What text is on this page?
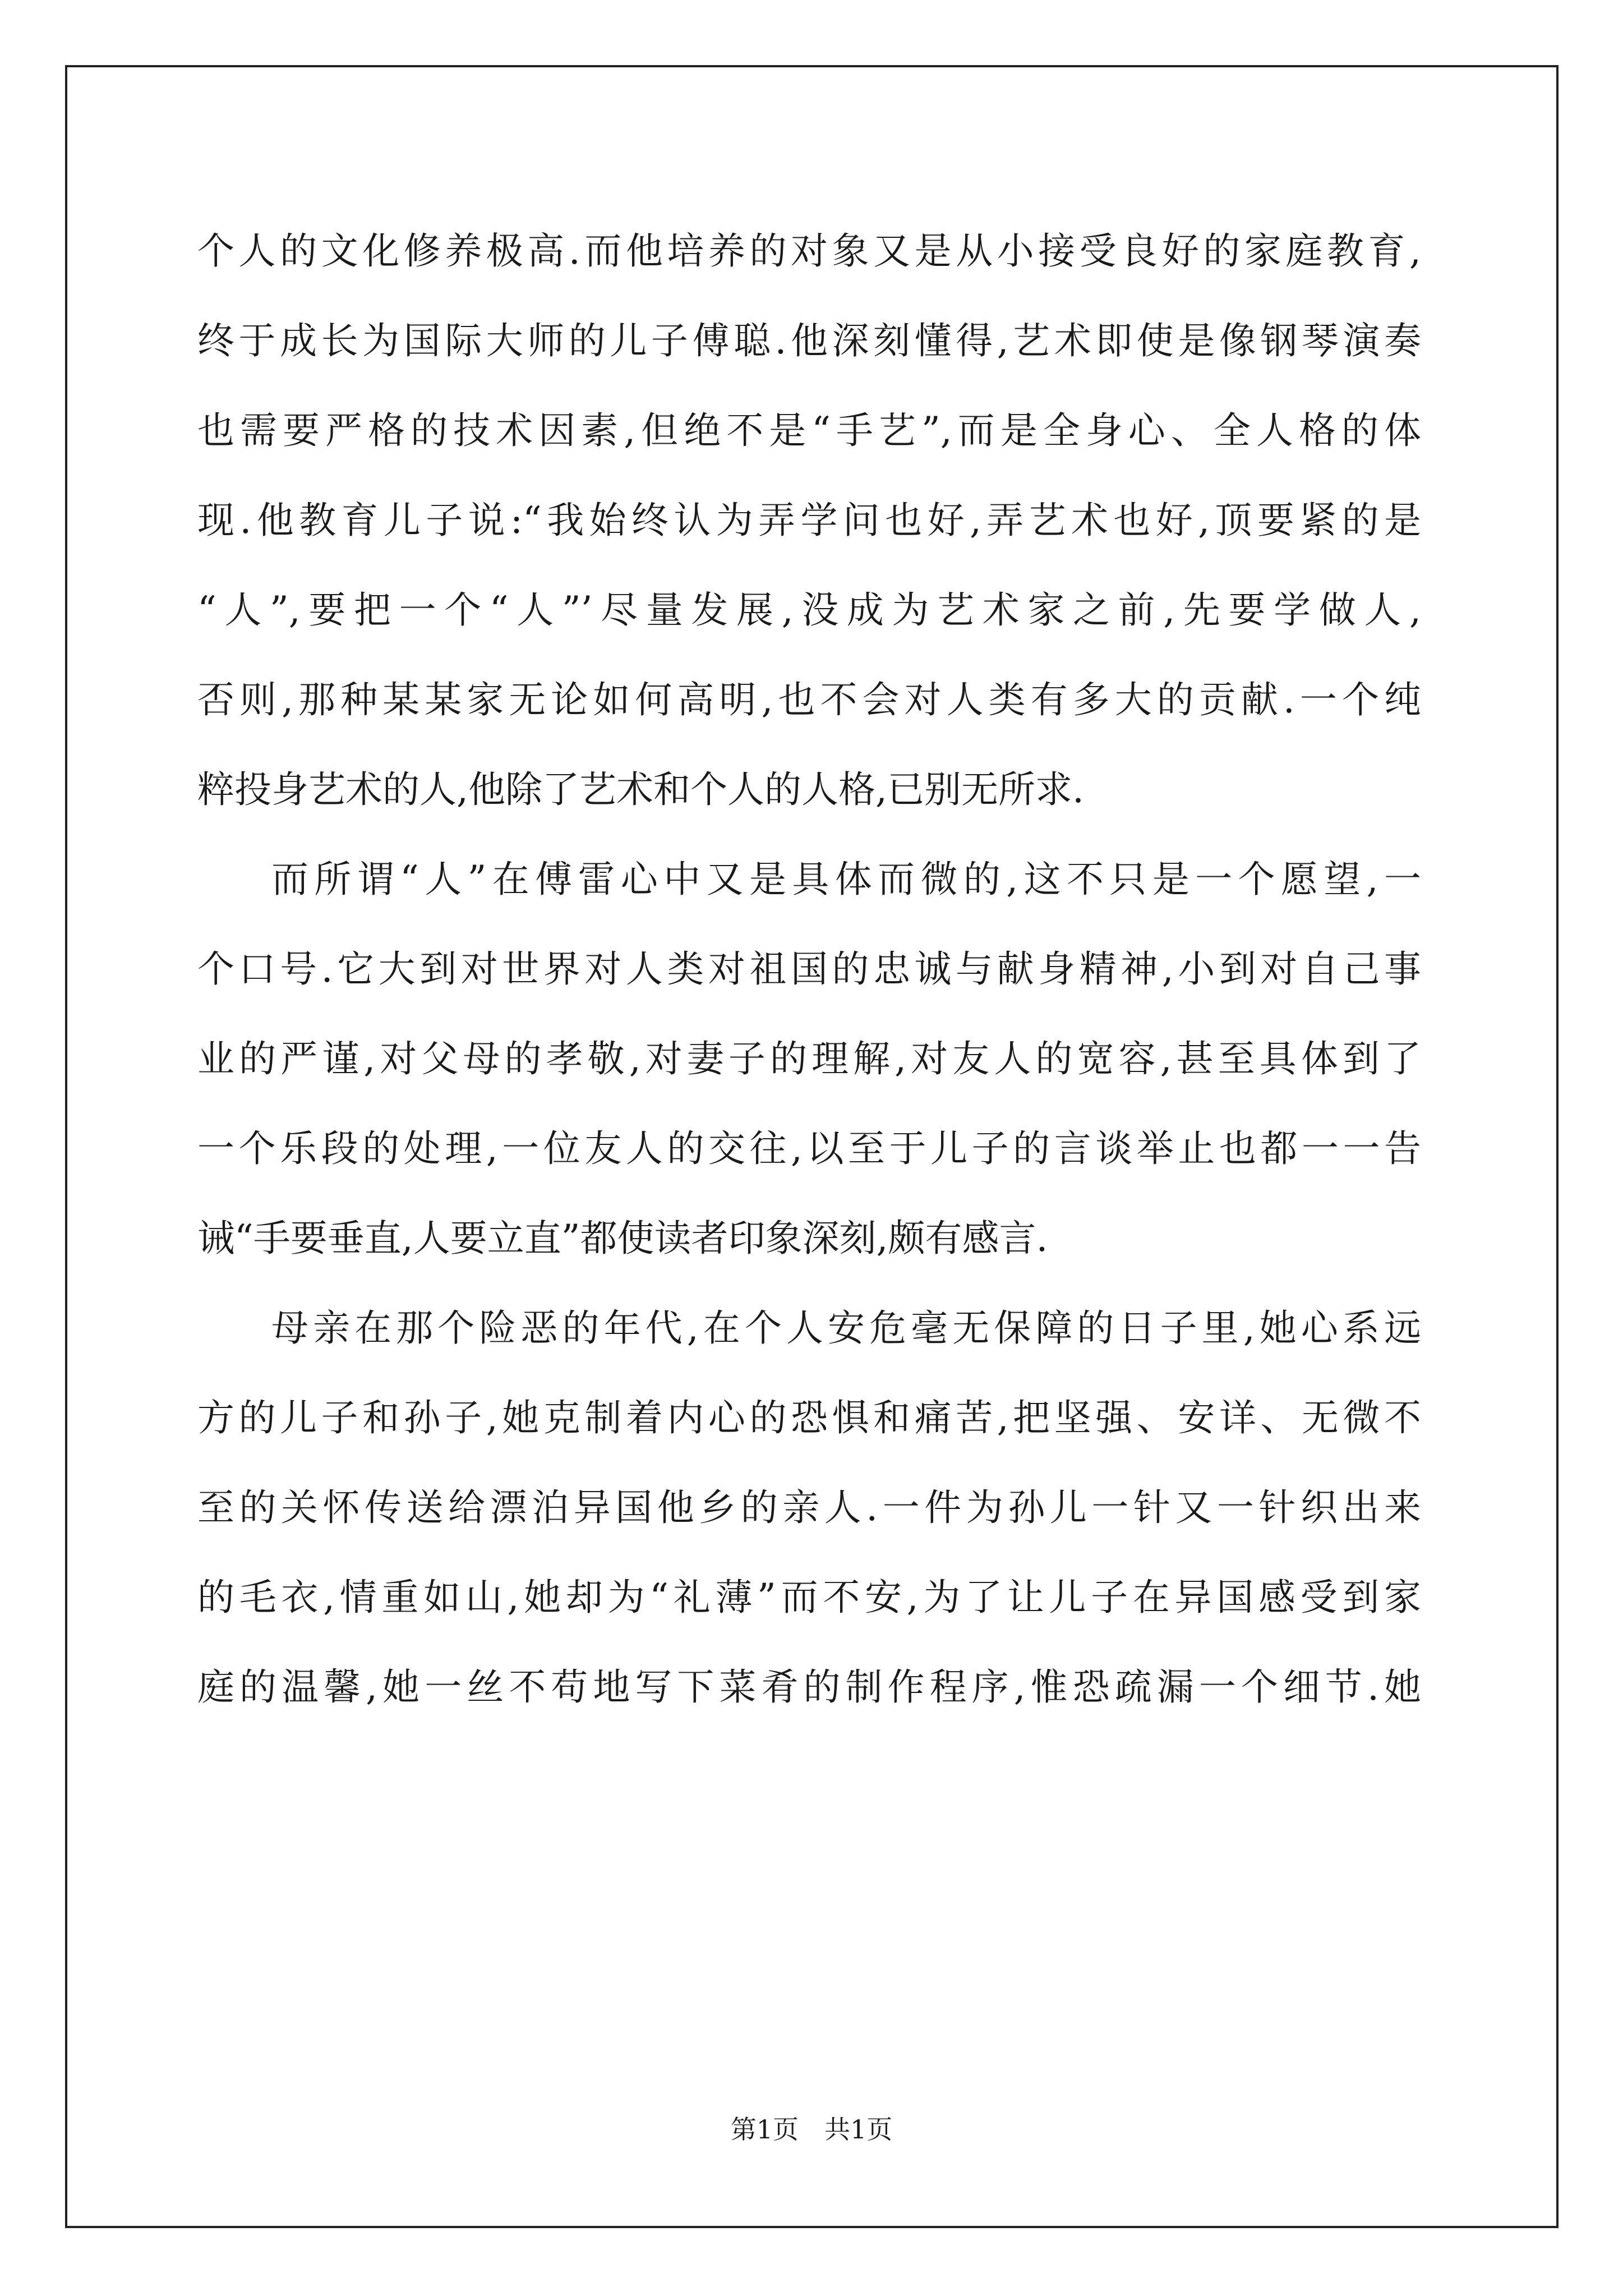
个人的文化修养极高.而他培养的对象又是从小接受良好的家庭教育,
终于成长为国际大师的儿子傅聪.他深刻懂得,艺术即使是像钢琴演奏
也需要严格的技术因素,但绝不是“手艺”,而是全身心、全人格的体
现.他教育儿子说:“我始终认为弄学问也好,弄艺术也好,顶要紧的是
“人”,要把一个“人”’尽量发展,没成为艺术家之前,先要学做人,
否则,那种某某家无论如何高明,也不会对人类有多大的贡献.一个纯
粹投身艺术的人,他除了艺术和个人的人格,已别无所求.
而所谓“人”在傅雷心中又是具体而微的,这不只是一个愿望,一
个口号.它大到对世界对人类对祖国的忠诚与献身精神,小到对自己事
业的严谨,对父母的孝敬,对妻子的理解,对友人的宽容,甚至具体到了
一个乐段的处理,一位友人的交往,以至于儿子的言谈举止也都一一告
诫“手要垂直,人要立直”都使读者印象深刻,颇有感言.
母亲在那个险恶的年代,在个人安危毫无保障的日子里,她心系远
方的儿子和孙子,她克制着内心的恐惧和痛苦,把坚强、安详、无微不
至的关怀传送给漂泊异国他乡的亲人.一件为孙儿一针又一针织出来
的毛衣,情重如山,她却为“礼薄”而不安,为了让儿子在异国感受到家
庭的温馨,她一丝不苟地写下菜肴的制作程序,惟恐疏漏一个细节.她
第1页 共1页
